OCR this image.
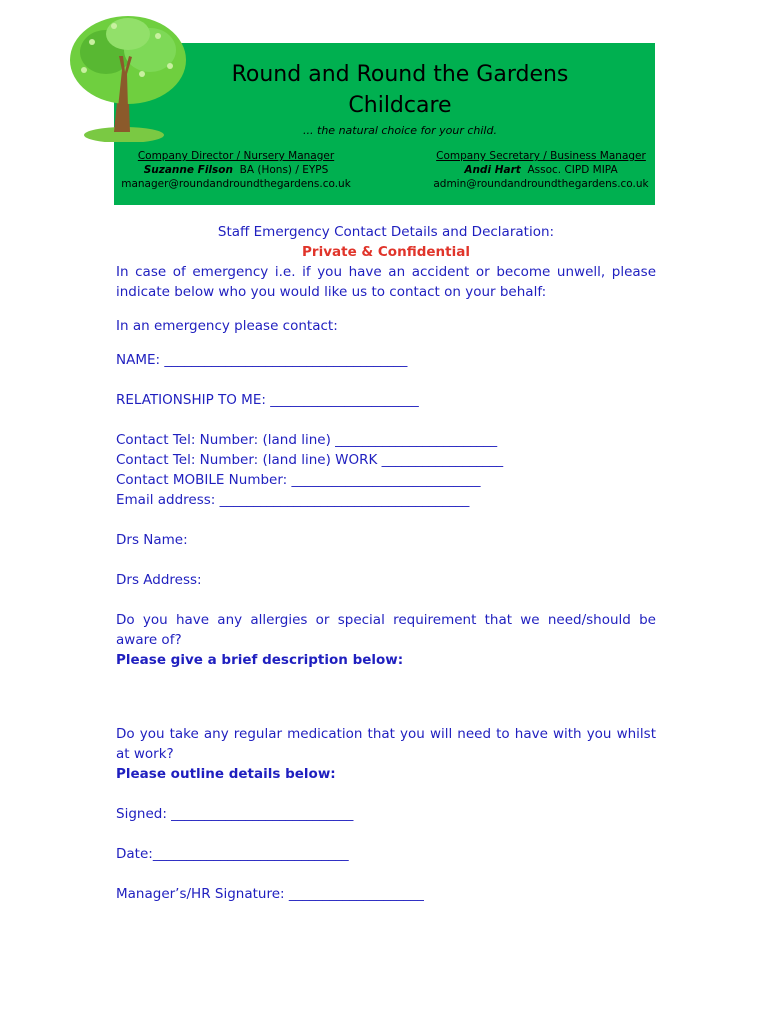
Round and Round the Gardens
Childcare
... the natural choice for your child.
Company Director / Nursery Manager
Suzanne Filson BA (Hons) / EYPS
manager@roundandroundthegardens.co.uk
Company Secretary / Business Manager
Andi Hart Assoc. CIPD MIPA
admin@roundandroundthegardens.co.uk

Staff Emergency Contact Details and Declaration:

Private & Confidential

In case of emergency i.e. if you have an accident or become unwell, please indicate below who you would like us to contact on your behalf:

In an emergency please contact:

NAME: ____________________________________

RELATIONSHIP TO ME: ______________________

Contact Tel: Number: (land line) ________________________

Contact Tel: Number: (land line) WORK __________________

Contact MOBILE Number: ____________________________

Email address: _____________________________________

Drs Name:

Drs Address:

Do you have any allergies or special requirement that we need/should be aware of?

Please give a brief description below:

Do you take any regular medication that you will need to have with you whilst at work?

Please outline details below:

Signed: ___________________________

Date:_____________________________

Manager’s/HR Signature: ____________________
